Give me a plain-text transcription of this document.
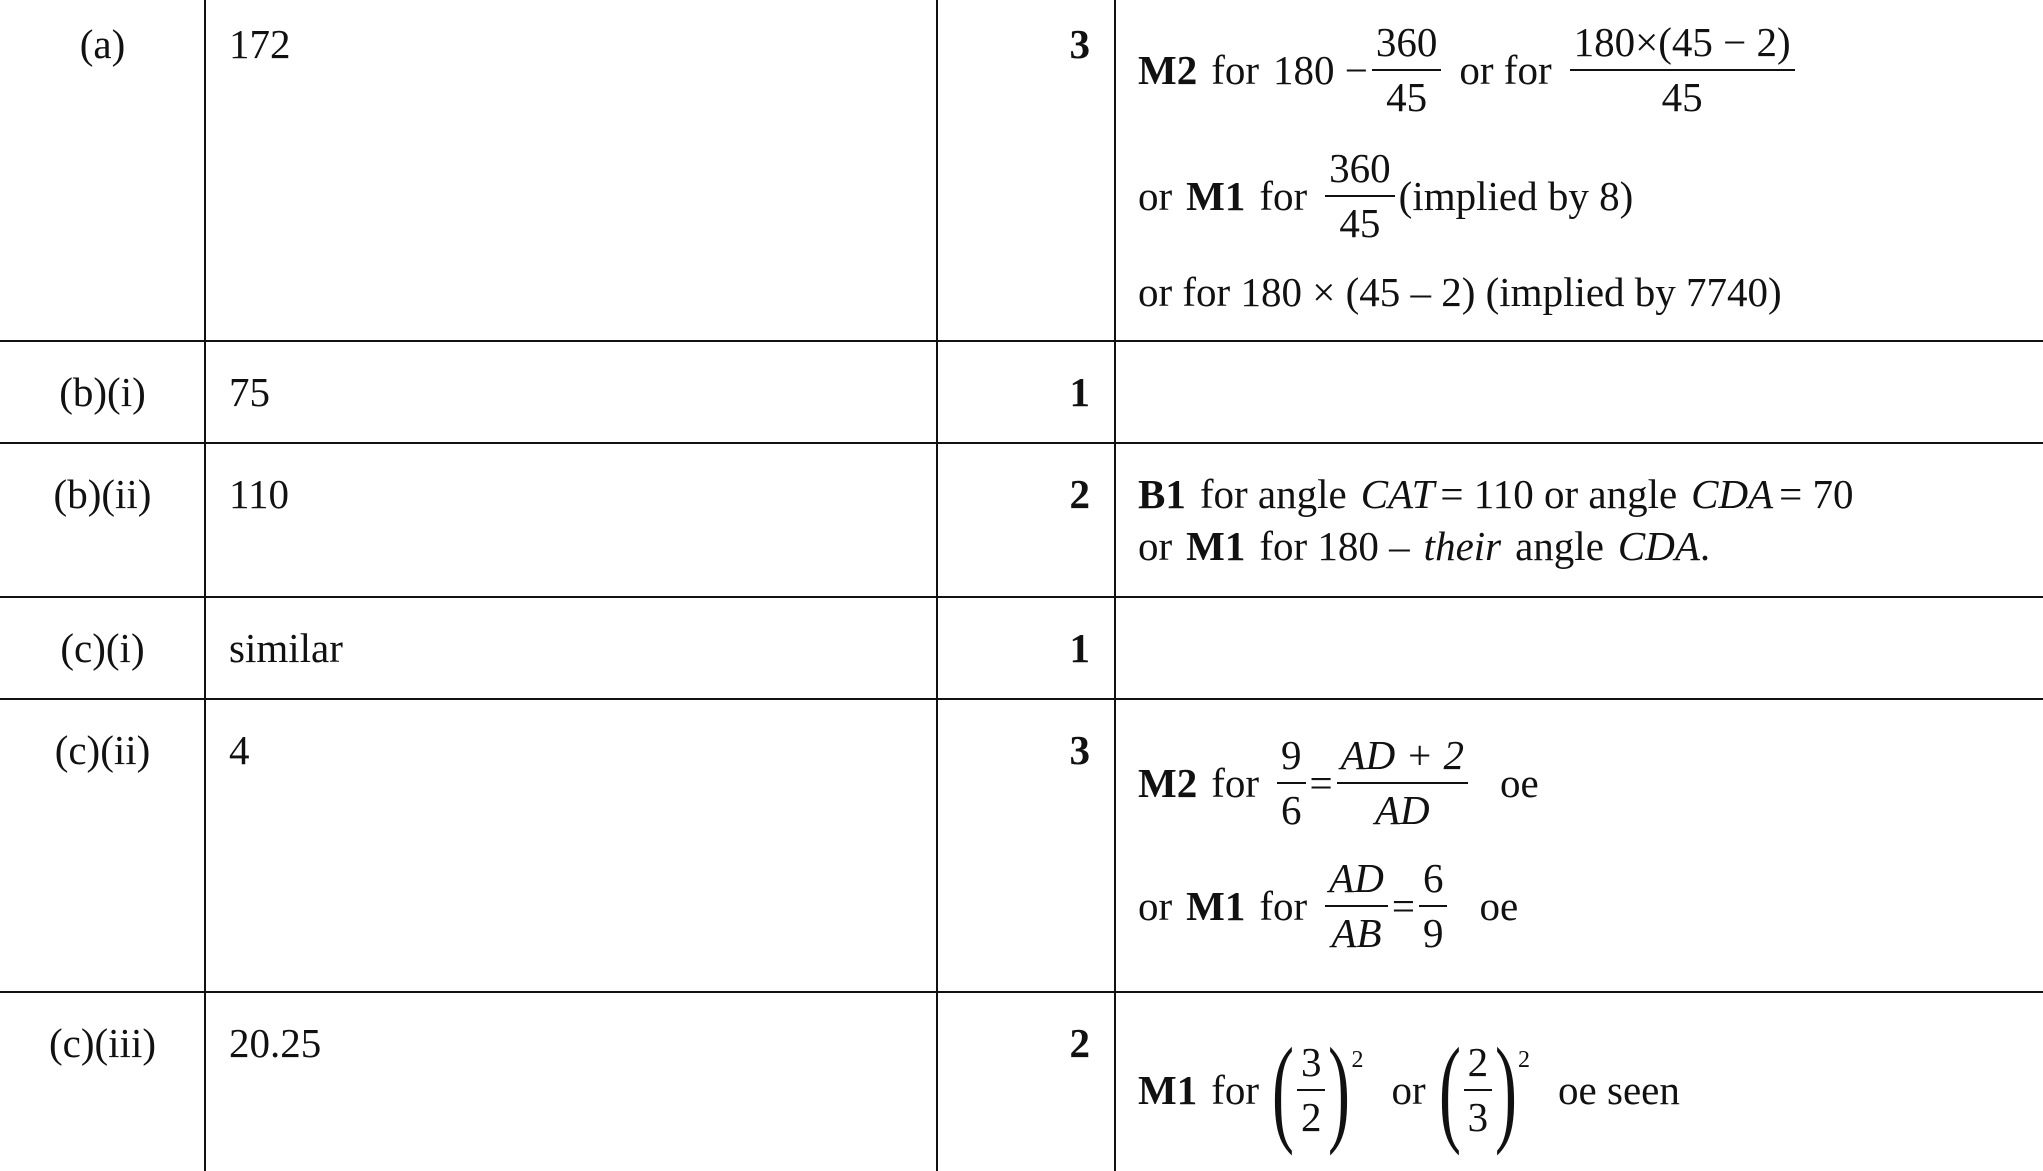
(a)	172	3
M2 for $180 - \frac{360}{45}$ or for $\frac{180\times(45 - 2)}{45}$
or M1 for $\frac{360}{45}$ (implied by 8)
or for 180 × (45 – 2) (implied by 7740)
(b)(i)	75	1
(b)(ii)	110	2 B1 for angle CAT = 110 or angle CDA = 70
or M1 for 180 – their angle CDA .
(c)(i)	similar	1
(c)(ii)	4	3
M2 for $\frac{9}{6} = \frac{AD + 2}{AD}$ oe
or M1 for $\frac{AD}{AB} = \frac{6}{9}$ oe
(c)(iii)	20.25	2
M1 for ( $\frac{3}{2}$ ) 2
or ( $\frac{2}{3}$ ) 2
oe seen
